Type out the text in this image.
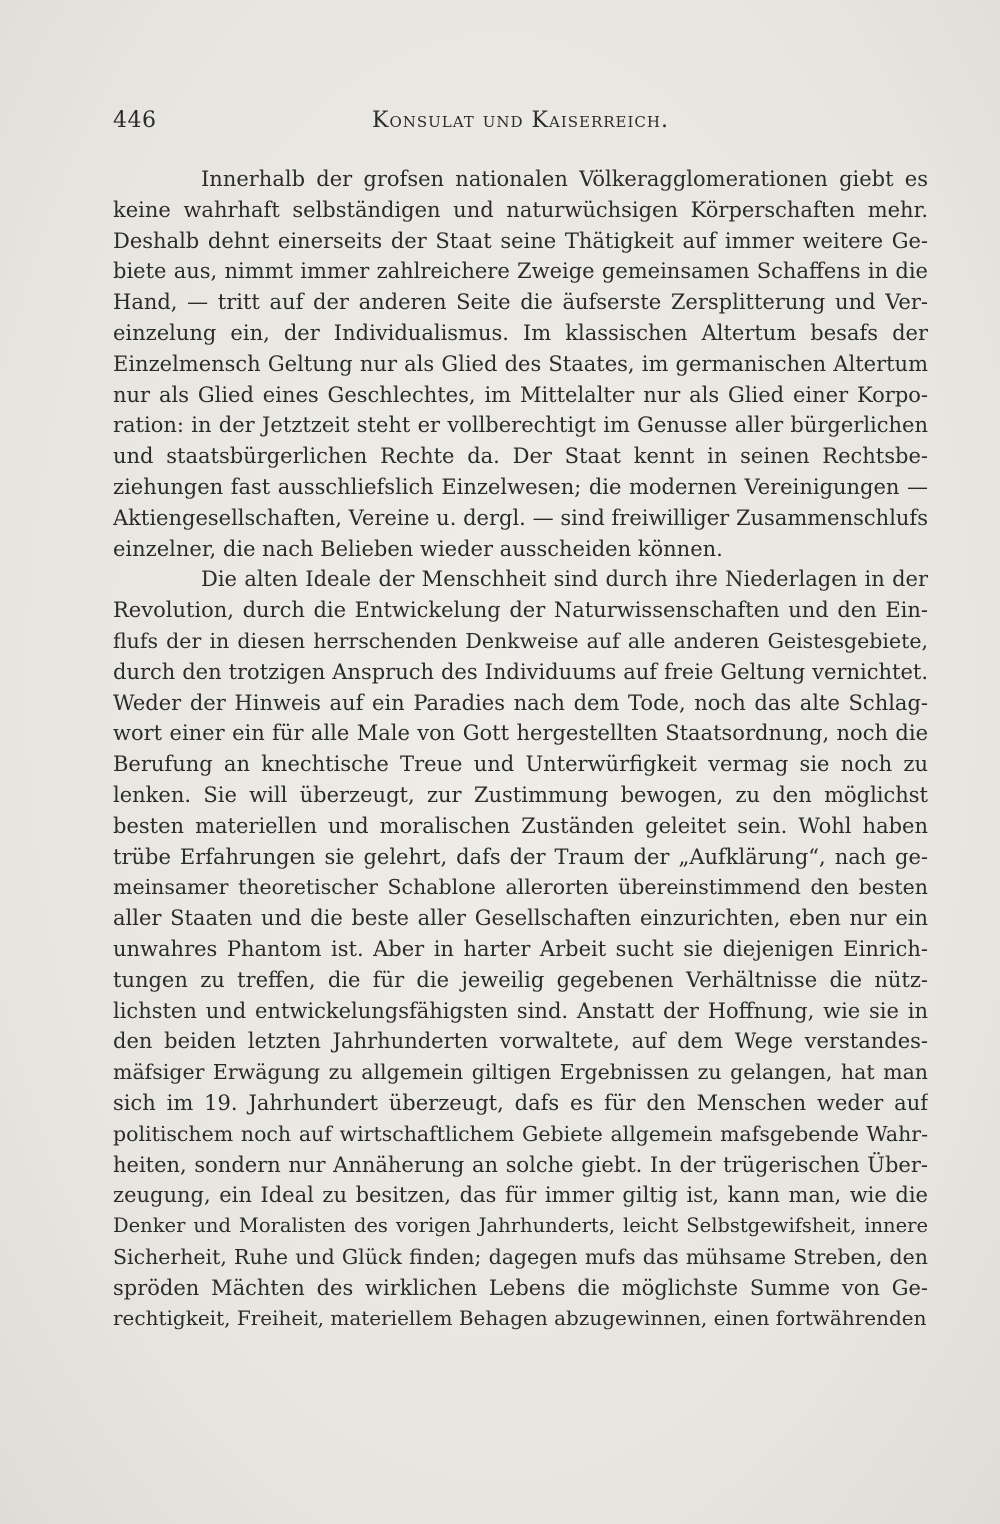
446	Konsulat und Kaiserreich.
Innerhalb der grofsen nationalen Völkeragglomerationen giebt es
keine wahrhaft selbständigen und naturwüchsigen Körperschaften mehr.
Deshalb dehnt einerseits der Staat seine Thätigkeit auf immer weitere Ge-
biete aus, nimmt immer zahlreichere Zweige gemeinsamen Schaffens in die
Hand, — tritt auf der anderen Seite die äufserste Zersplitterung und Ver-
einzelung ein, der Individualismus. Im klassischen Altertum besafs der
Einzelmensch Geltung nur als Glied des Staates, im germanischen Altertum
nur als Glied eines Geschlechtes, im Mittelalter nur als Glied einer Korpo-
ration: in der Jetztzeit steht er vollberechtigt im Genusse aller bürgerlichen
und staatsbürgerlichen Rechte da. Der Staat kennt in seinen Rechtsbe-
ziehungen fast ausschliefslich Einzelwesen; die modernen Vereinigungen —
Aktiengesellschaften, Vereine u. dergl. — sind freiwilliger Zusammenschlufs
einzelner, die nach Belieben wieder ausscheiden können.
Die alten Ideale der Menschheit sind durch ihre Niederlagen in der
Revolution, durch die Entwickelung der Naturwissenschaften und den Ein-
flufs der in diesen herrschenden Denkweise auf alle anderen Geistesgebiete,
durch den trotzigen Anspruch des Individuums auf freie Geltung vernichtet.
Weder der Hinweis auf ein Paradies nach dem Tode, noch das alte Schlag-
wort einer ein für alle Male von Gott hergestellten Staatsordnung, noch die
Berufung an knechtische Treue und Unterwürfigkeit vermag sie noch zu
lenken. Sie will überzeugt, zur Zustimmung bewogen, zu den möglichst
besten materiellen und moralischen Zuständen geleitet sein. Wohl haben
trübe Erfahrungen sie gelehrt, dafs der Traum der „Aufklärung“, nach ge-
meinsamer theoretischer Schablone allerorten übereinstimmend den besten
aller Staaten und die beste aller Gesellschaften einzurichten, eben nur ein
unwahres Phantom ist. Aber in harter Arbeit sucht sie diejenigen Einrich-
tungen zu treffen, die für die jeweilig gegebenen Verhältnisse die nütz-
lichsten und entwickelungsfähigsten sind. Anstatt der Hoffnung, wie sie in
den beiden letzten Jahrhunderten vorwaltete, auf dem Wege verstandes-
mäfsiger Erwägung zu allgemein giltigen Ergebnissen zu gelangen, hat man
sich im 19. Jahrhundert überzeugt, dafs es für den Menschen weder auf
politischem noch auf wirtschaftlichem Gebiete allgemein mafsgebende Wahr-
heiten, sondern nur Annäherung an solche giebt. In der trügerischen Über-
zeugung, ein Ideal zu besitzen, das für immer giltig ist, kann man, wie die
Denker und Moralisten des vorigen Jahrhunderts, leicht Selbstgewifsheit, innere
Sicherheit, Ruhe und Glück finden; dagegen mufs das mühsame Streben, den
spröden Mächten des wirklichen Lebens die möglichste Summe von Ge-
rechtigkeit, Freiheit, materiellem Behagen abzugewinnen, einen fortwährenden
